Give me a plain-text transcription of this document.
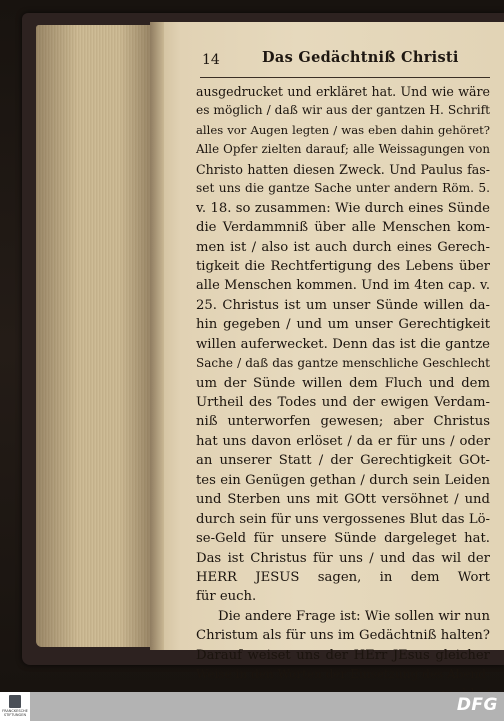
14	Das Gedächtniß Christi
ausgedrucket und erkläret hat. Und wie wäre
es möglich / daß wir aus der gantzen H. Schrift
alles vor Augen legten / was eben dahin gehöret?
Alle Opfer zielten darauf; alle Weissagungen von
Christo hatten diesen Zweck. Und Paulus fas-
set uns die gantze Sache unter andern Röm. 5.
v. 18. so zusammen: Wie durch eines Sünde
die Verdammniß über alle Menschen kom-
men ist / also ist auch durch eines Gerech-
tigkeit die Rechtfertigung des Lebens über
alle Menschen kommen. Und im 4ten cap. v.
25. Christus ist um unser Sünde willen da-
hin gegeben / und um unser Gerechtigkeit
willen auferwecket. Denn das ist die gantze
Sache / daß das gantze menschliche Geschlecht
um der Sünde willen dem Fluch und dem
Urtheil des Todes und der ewigen Verdam-
niß unterworfen gewesen; aber Christus
hat uns davon erlöset / da er für uns / oder
an unserer Statt / der Gerechtigkeit GOt-
tes ein Genügen gethan / durch sein Leiden
und Sterben uns mit GOtt versöhnet / und
durch sein für uns vergossenes Blut das Lö-
se-Geld für unsere Sünde dargeleget hat.
Das ist Christus für uns / und das wil der
HERR JESUS sagen, in dem Wort
für euch.
Die andere Frage ist: Wie sollen wir nun
Christum als für uns im Gedächtniß halten?
Darauf weiset uns der HErr JEsus gleicher
Weise in den Worten der Einsetzung des Abend-
FRANCKESCHE STIFTUNGEN	DFG
